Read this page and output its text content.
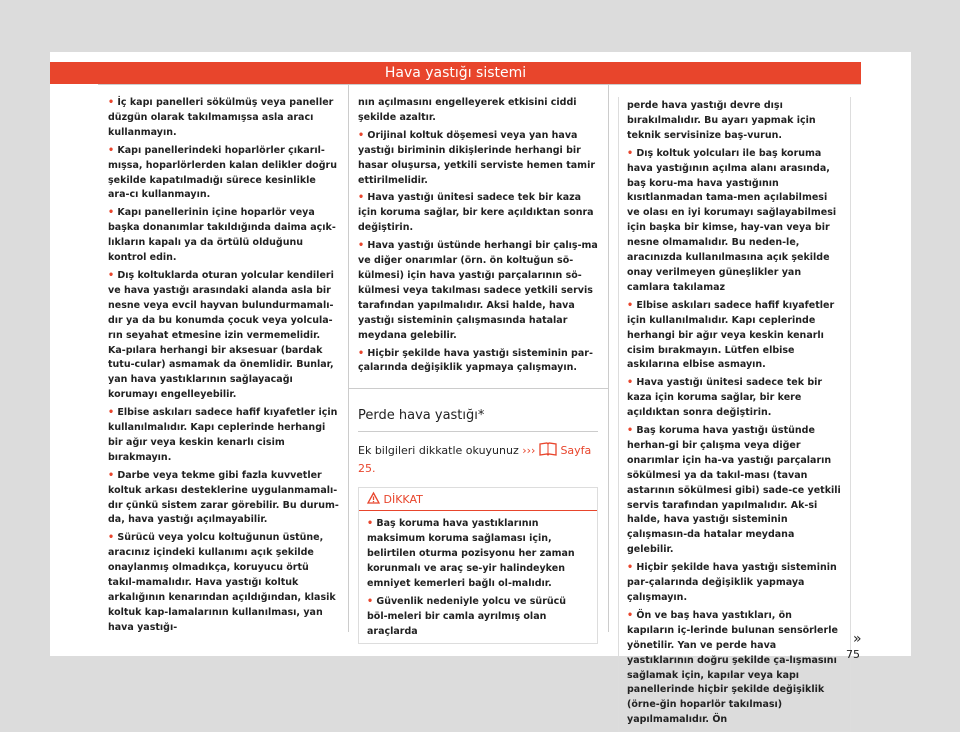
Hava yastığı sistemi

• İç kapı panelleri sökülmüş veya paneller düzgün olarak takılmamışsa asla aracı kullanmayın.

• Kapı panellerindeki hoparlörler çıkarıl-mışsa, hoparlörlerden kalan delikler doğru şekilde kapatılmadığı sürece kesinlikle ara-cı kullanmayın.

• Kapı panellerinin içine hoparlör veya başka donanımlar takıldığında daima açık-lıkların kapalı ya da örtülü olduğunu kontrol edin.

• Dış koltuklarda oturan yolcular kendileri ve hava yastığı arasındaki alanda asla bir nesne veya evcil hayvan bulundurmamalı-dır ya da bu konumda çocuk veya yolcula-rın seyahat etmesine izin vermemelidir. Ka-pılara herhangi bir aksesuar (bardak tutu-cular) asmamak da önemlidir. Bunlar, yan hava yastıklarının sağlayacağı korumayı engelleyebilir.

• Elbise askıları sadece hafif kıyafetler için kullanılmalıdır. Kapı ceplerinde herhangi bir ağır veya keskin kenarlı cisim bırakmayın.

• Darbe veya tekme gibi fazla kuvvetler koltuk arkası desteklerine uygulanmamalı-dır çünkü sistem zarar görebilir. Bu durum-da, hava yastığı açılmayabilir.

• Sürücü veya yolcu koltuğunun üstüne, aracınız içindeki kullanımı açık şekilde onaylanmış olmadıkça, koruyucu örtü takıl-mamalıdır. Hava yastığı koltuk arkalığının kenarından açıldığından, klasik koltuk kap-lamalarının kullanılması, yan hava yastığı-

nın açılmasını engelleyerek etkisini ciddi şekilde azaltır.

• Orijinal koltuk döşemesi veya yan hava yastığı biriminin dikişlerinde herhangi bir hasar oluşursa, yetkili serviste hemen tamir ettirilmelidir.

• Hava yastığı ünitesi sadece tek bir kaza için koruma sağlar, bir kere açıldıktan sonra değiştirin.

• Hava yastığı üstünde herhangi bir çalış-ma ve diğer onarımlar (örn. ön koltuğun sö-külmesi) için hava yastığı parçalarının sö-külmesi veya takılması sadece yetkili servis tarafından yapılmalıdır. Aksi halde, hava yastığı sisteminin çalışmasında hatalar meydana gelebilir.

• Hiçbir şekilde hava yastığı sisteminin par-çalarında değişiklik yapmaya çalışmayın.

Perde hava yastığı*
Ek bilgileri dikkatle okuyunuz ››› Sayfa 25.
DİKKAT

• Baş koruma hava yastıklarının maksimum koruma sağlaması için, belirtilen oturma pozisyonu her zaman korunmalı ve araç se-yir halindeyken emniyet kemerleri bağlı ol-malıdır.

• Güvenlik nedeniyle yolcu ve sürücü böl-meleri bir camla ayrılmış olan araçlarda

perde hava yastığı devre dışı bırakılmalıdır. Bu ayarı yapmak için teknik servisinize baş-vurun.

• Dış koltuk yolcuları ile baş koruma hava yastığının açılma alanı arasında, baş koru-ma hava yastığının kısıtlanmadan tama-men açılabilmesi ve olası en iyi korumayı sağlayabilmesi için başka bir kimse, hay-van veya bir nesne olmamalıdır. Bu neden-le, aracınızda kullanılmasına açık şekilde onay verilmeyen güneşlikler yan camlara takılamaz

• Elbise askıları sadece hafif kıyafetler için kullanılmalıdır. Kapı ceplerinde herhangi bir ağır veya keskin kenarlı cisim bırakmayın. Lütfen elbise askılarına elbise asmayın.

• Hava yastığı ünitesi sadece tek bir kaza için koruma sağlar, bir kere açıldıktan sonra değiştirin.

• Baş koruma hava yastığı üstünde herhan-gi bir çalışma veya diğer onarımlar için ha-va yastığı parçaların sökülmesi ya da takıl-ması (tavan astarının sökülmesi gibi) sade-ce yetkili servis tarafından yapılmalıdır. Ak-si halde, hava yastığı sisteminin çalışmasın-da hatalar meydana gelebilir.

• Hiçbir şekilde hava yastığı sisteminin par-çalarında değişiklik yapmaya çalışmayın.

• Ön ve baş hava yastıkları, ön kapıların iç-lerinde bulunan sensörlerle yönetilir. Yan ve perde hava yastıklarının doğru şekilde ça-lışmasını sağlamak için, kapılar veya kapı panellerinde hiçbir şekilde değişiklik (örne-ğin hoparlör takılması) yapılmamalıdır. Ön

»
75
